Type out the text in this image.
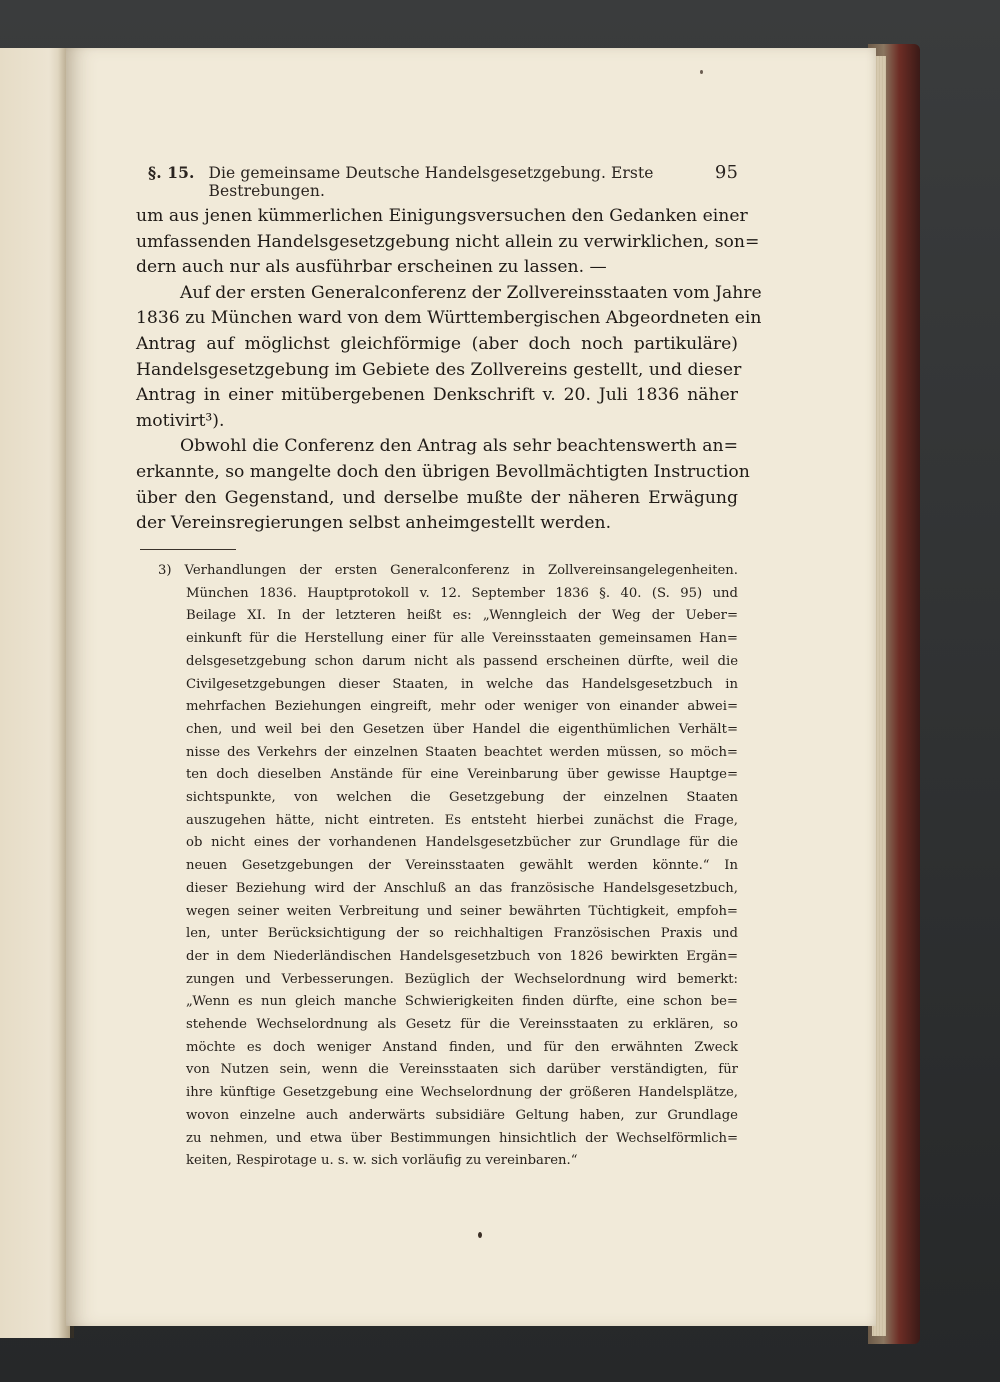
§. 15. Die gemeinsame Deutsche Handelsgesetzgebung. Erste Bestrebungen.
95

um aus jenen kümmerlichen Einigungsversuchen den Gedanken einer
umfassenden Handelsgesetzgebung nicht allein zu verwirklichen, son=
dern auch nur als ausführbar erscheinen zu lassen. —

Auf der ersten Generalconferenz der Zollvereinsstaaten vom Jahre
1836 zu München ward von dem Württembergischen Abgeordneten ein
Antrag auf möglichst gleichförmige (aber doch noch partikuläre)
Handelsgesetzgebung im Gebiete des Zollvereins gestellt, und dieser
Antrag in einer mitübergebenen Denkschrift v. 20. Juli 1836 näher
motivirt³).

Obwohl die Conferenz den Antrag als sehr beachtenswerth an=
erkannte, so mangelte doch den übrigen Bevollmächtigten Instruction
über den Gegenstand, und derselbe mußte der näheren Erwägung
der Vereinsregierungen selbst anheimgestellt werden.

3) Verhandlungen der ersten Generalconferenz in Zollvereinsangelegenheiten.
München 1836. Hauptprotokoll v. 12. September 1836 §. 40. (S. 95) und
Beilage XI. In der letzteren heißt es: „Wenngleich der Weg der Ueber=
einkunft für die Herstellung einer für alle Vereinsstaaten gemeinsamen Han=
delsgesetzgebung schon darum nicht als passend erscheinen dürfte, weil die
Civilgesetzgebungen dieser Staaten, in welche das Handelsgesetzbuch in
mehrfachen Beziehungen eingreift, mehr oder weniger von einander abwei=
chen, und weil bei den Gesetzen über Handel die eigenthümlichen Verhält=
nisse des Verkehrs der einzelnen Staaten beachtet werden müssen, so möch=
ten doch dieselben Anstände für eine Vereinbarung über gewisse Hauptge=
sichtspunkte, von welchen die Gesetzgebung der einzelnen Staaten
auszugehen hätte, nicht eintreten. Es entsteht hierbei zunächst die Frage,
ob nicht eines der vorhandenen Handelsgesetzbücher zur Grundlage für die
neuen Gesetzgebungen der Vereinsstaaten gewählt werden könnte.“ In
dieser Beziehung wird der Anschluß an das französische Handelsgesetzbuch,
wegen seiner weiten Verbreitung und seiner bewährten Tüchtigkeit, empfoh=
len, unter Berücksichtigung der so reichhaltigen Französischen Praxis und
der in dem Niederländischen Handelsgesetzbuch von 1826 bewirkten Ergän=
zungen und Verbesserungen. Bezüglich der Wechselordnung wird bemerkt:
„Wenn es nun gleich manche Schwierigkeiten finden dürfte, eine schon be=
stehende Wechselordnung als Gesetz für die Vereinsstaaten zu erklären, so
möchte es doch weniger Anstand finden, und für den erwähnten Zweck
von Nutzen sein, wenn die Vereinsstaaten sich darüber verständigten, für
ihre künftige Gesetzgebung eine Wechselordnung der größeren Handelsplätze,
wovon einzelne auch anderwärts subsidiäre Geltung haben, zur Grundlage
zu nehmen, und etwa über Bestimmungen hinsichtlich der Wechselförmlich=
keiten, Respirotage u. s. w. sich vorläufig zu vereinbaren.“
